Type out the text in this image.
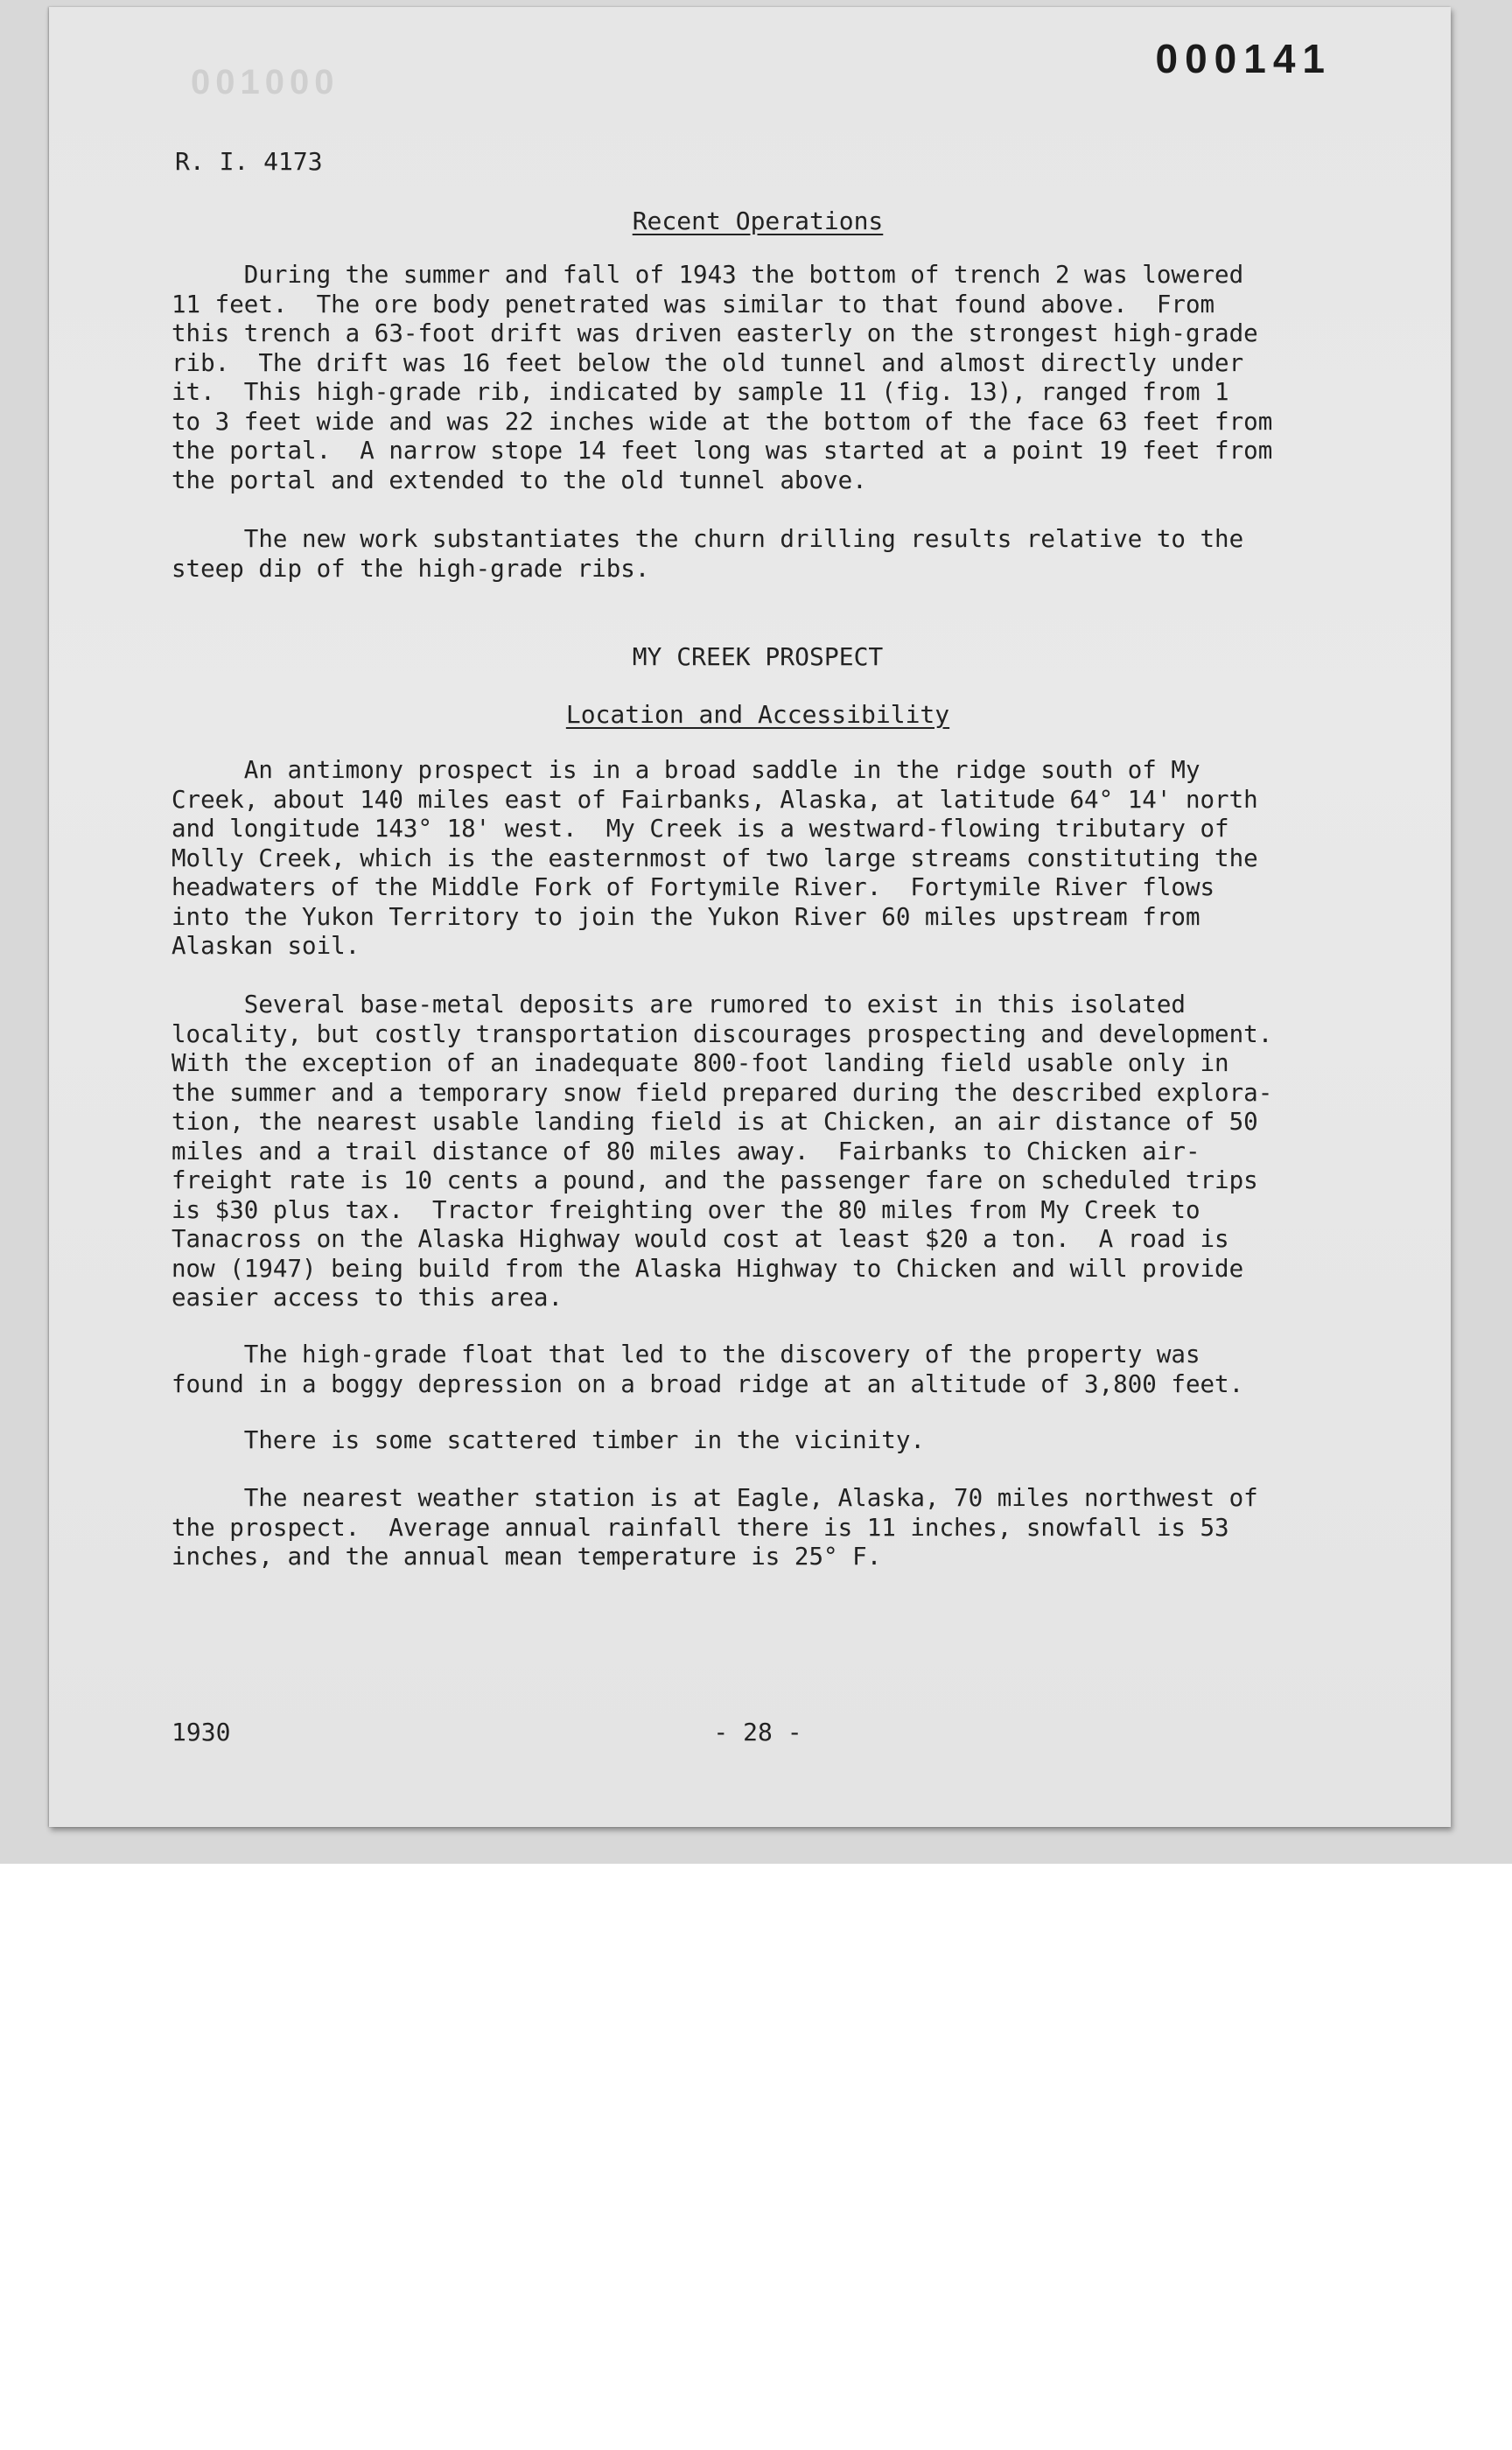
001000
000141
R. I. 4173
Recent Operations
During the summer and fall of 1943 the bottom of trench 2 was lowered
11 feet.  The ore body penetrated was similar to that found above.  From
this trench a 63-foot drift was driven easterly on the strongest high-grade
rib.  The drift was 16 feet below the old tunnel and almost directly under
it.  This high-grade rib, indicated by sample 11 (fig. 13), ranged from 1
to 3 feet wide and was 22 inches wide at the bottom of the face 63 feet from
the portal.  A narrow stope 14 feet long was started at a point 19 feet from
the portal and extended to the old tunnel above.
The new work substantiates the churn drilling results relative to the
steep dip of the high-grade ribs.
MY CREEK PROSPECT
Location and Accessibility
An antimony prospect is in a broad saddle in the ridge south of My
Creek, about 140 miles east of Fairbanks, Alaska, at latitude 64° 14' north
and longitude 143° 18' west.  My Creek is a westward-flowing tributary of
Molly Creek, which is the easternmost of two large streams constituting the
headwaters of the Middle Fork of Fortymile River.  Fortymile River flows
into the Yukon Territory to join the Yukon River 60 miles upstream from
Alaskan soil.
Several base-metal deposits are rumored to exist in this isolated
locality, but costly transportation discourages prospecting and development.
With the exception of an inadequate 800-foot landing field usable only in
the summer and a temporary snow field prepared during the described explora-
tion, the nearest usable landing field is at Chicken, an air distance of 50
miles and a trail distance of 80 miles away.  Fairbanks to Chicken air-
freight rate is 10 cents a pound, and the passenger fare on scheduled trips
is $30 plus tax.  Tractor freighting over the 80 miles from My Creek to
Tanacross on the Alaska Highway would cost at least $20 a ton.  A road is
now (1947) being build from the Alaska Highway to Chicken and will provide
easier access to this area.
The high-grade float that led to the discovery of the property was
found in a boggy depression on a broad ridge at an altitude of 3,800 feet.
There is some scattered timber in the vicinity.
The nearest weather station is at Eagle, Alaska, 70 miles northwest of
the prospect.  Average annual rainfall there is 11 inches, snowfall is 53
inches, and the annual mean temperature is 25° F.
1930	- 28 -
